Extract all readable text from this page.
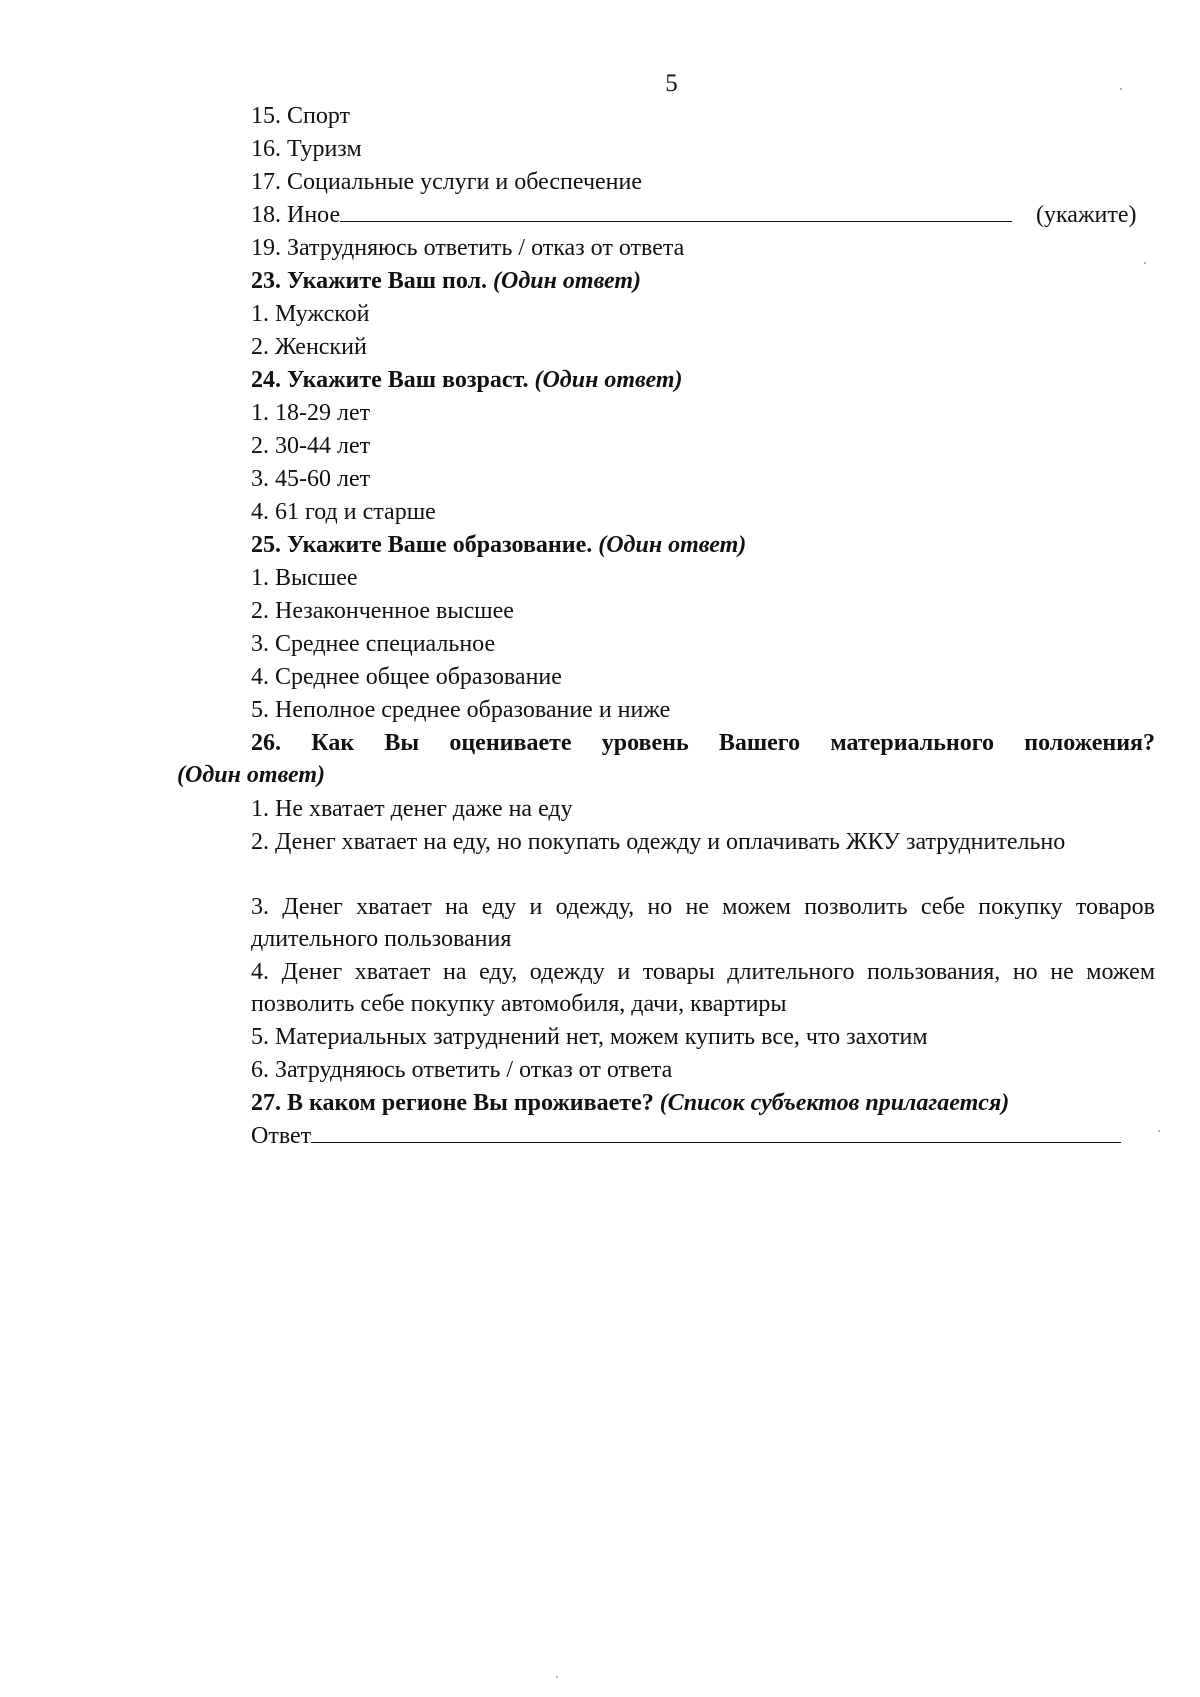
5
15. Спорт
16. Туризм
17. Социальные услуги и обеспечение
18. Иное	(укажите)
19. Затрудняюсь ответить / отказ от ответа
23. Укажите Ваш пол. (Один ответ)
1. Мужской
2. Женский
24. Укажите Ваш возраст. (Один ответ)
1. 18-29 лет
2. 30-44 лет
3. 45-60 лет
4. 61 год и старше
25. Укажите Ваше образование. (Один ответ)
1. Высшее
2. Незаконченное высшее
3. Среднее специальное
4. Среднее общее образование
5. Неполное среднее образование и ниже
26. Как Вы оцениваете уровень Вашего материального положения?
(Один ответ)
1. Не хватает денег даже на еду
2. Денег хватает на еду, но покупать одежду и оплачивать ЖКУ затруднительно
3. Денег хватает на еду и одежду, но не можем позволить себе покупку товаров длительного пользования
4. Денег хватает на еду, одежду и товары длительного пользования, но не можем позволить себе покупку автомобиля, дачи, квартиры
5. Материальных затруднений нет, можем купить все, что захотим
6. Затрудняюсь ответить / отказ от ответа
27. В каком регионе Вы проживаете? (Список субъектов прилагается)
Ответ
